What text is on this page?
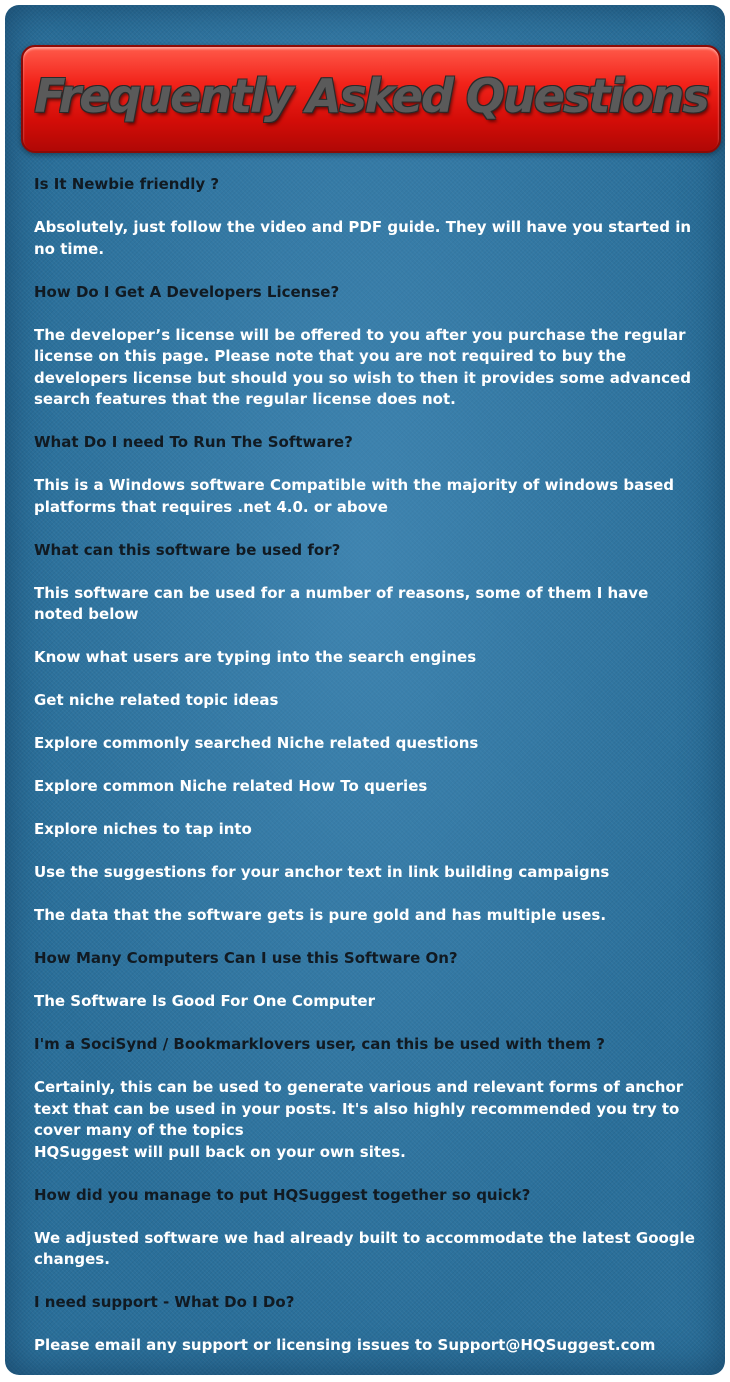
Frequently Asked Questions

Is It Newbie friendly ?

Absolutely, just follow the video and PDF guide. They will have you started in no time.

How Do I Get A Developers License?

The developer’s license will be offered to you after you purchase the regular license on this page. Please note that you are not required to buy the developers license but should you so wish to then it provides some advanced search features that the regular license does not.

What Do I need To Run The Software?

This is a Windows software Compatible with the majority of windows based platforms that requires .net 4.0. or above

What can this software be used for?

This software can be used for a number of reasons, some of them I have noted below

Know what users are typing into the search engines

Get niche related topic ideas

Explore commonly searched Niche related questions

Explore common Niche related How To queries

Explore niches to tap into

Use the suggestions for your anchor text in link building campaigns

The data that the software gets is pure gold and has multiple uses.

How Many Computers Can I use this Software On?

The Software Is Good For One Computer

I'm a SociSynd / Bookmarklovers user, can this be used with them ?

Certainly, this can be used to generate various and relevant forms of anchor text that can be used in your posts. It's also highly recommended you try to cover many of the topics
HQSuggest will pull back on your own sites.

How did you manage to put HQSuggest together so quick?

We adjusted software we had already built to accommodate the latest Google changes.

I need support - What Do I Do?

Please email any support or licensing issues to Support@HQSuggest.com
